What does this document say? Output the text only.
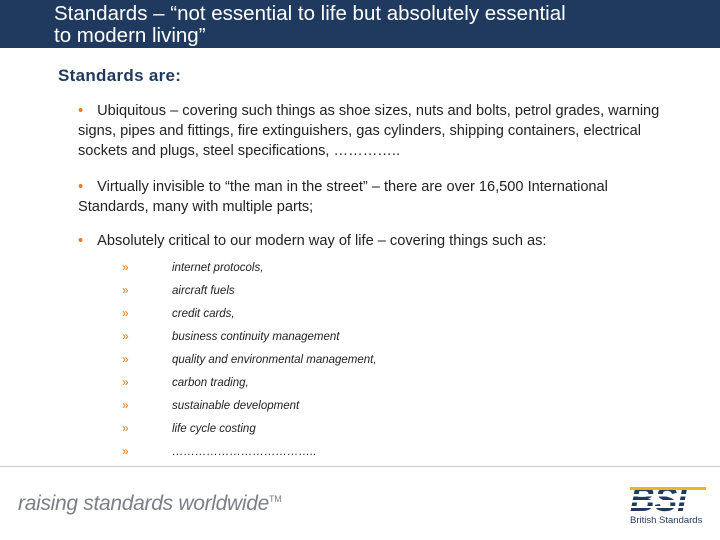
Standards – “not essential to life but absolutely essential
to modern living”
Standards are:
• Ubiquitous – covering such things as shoe sizes, nuts and bolts, petrol grades, warning signs, pipes and fittings, fire extinguishers, gas cylinders, shipping containers, electrical sockets and plugs, steel specifications, …………..
• Virtually invisible to “the man in the street” – there are over 16,500 International Standards, many with multiple parts;
• Absolutely critical to our modern way of life – covering things such as:
»	internet protocols,
»	aircraft fuels
»	credit cards,
»	business continuity management
»	quality and environmental management,
»	carbon trading,
»	sustainable development
»	life cycle costing
»	………………………………..
raising standards worldwide™
British Standards
